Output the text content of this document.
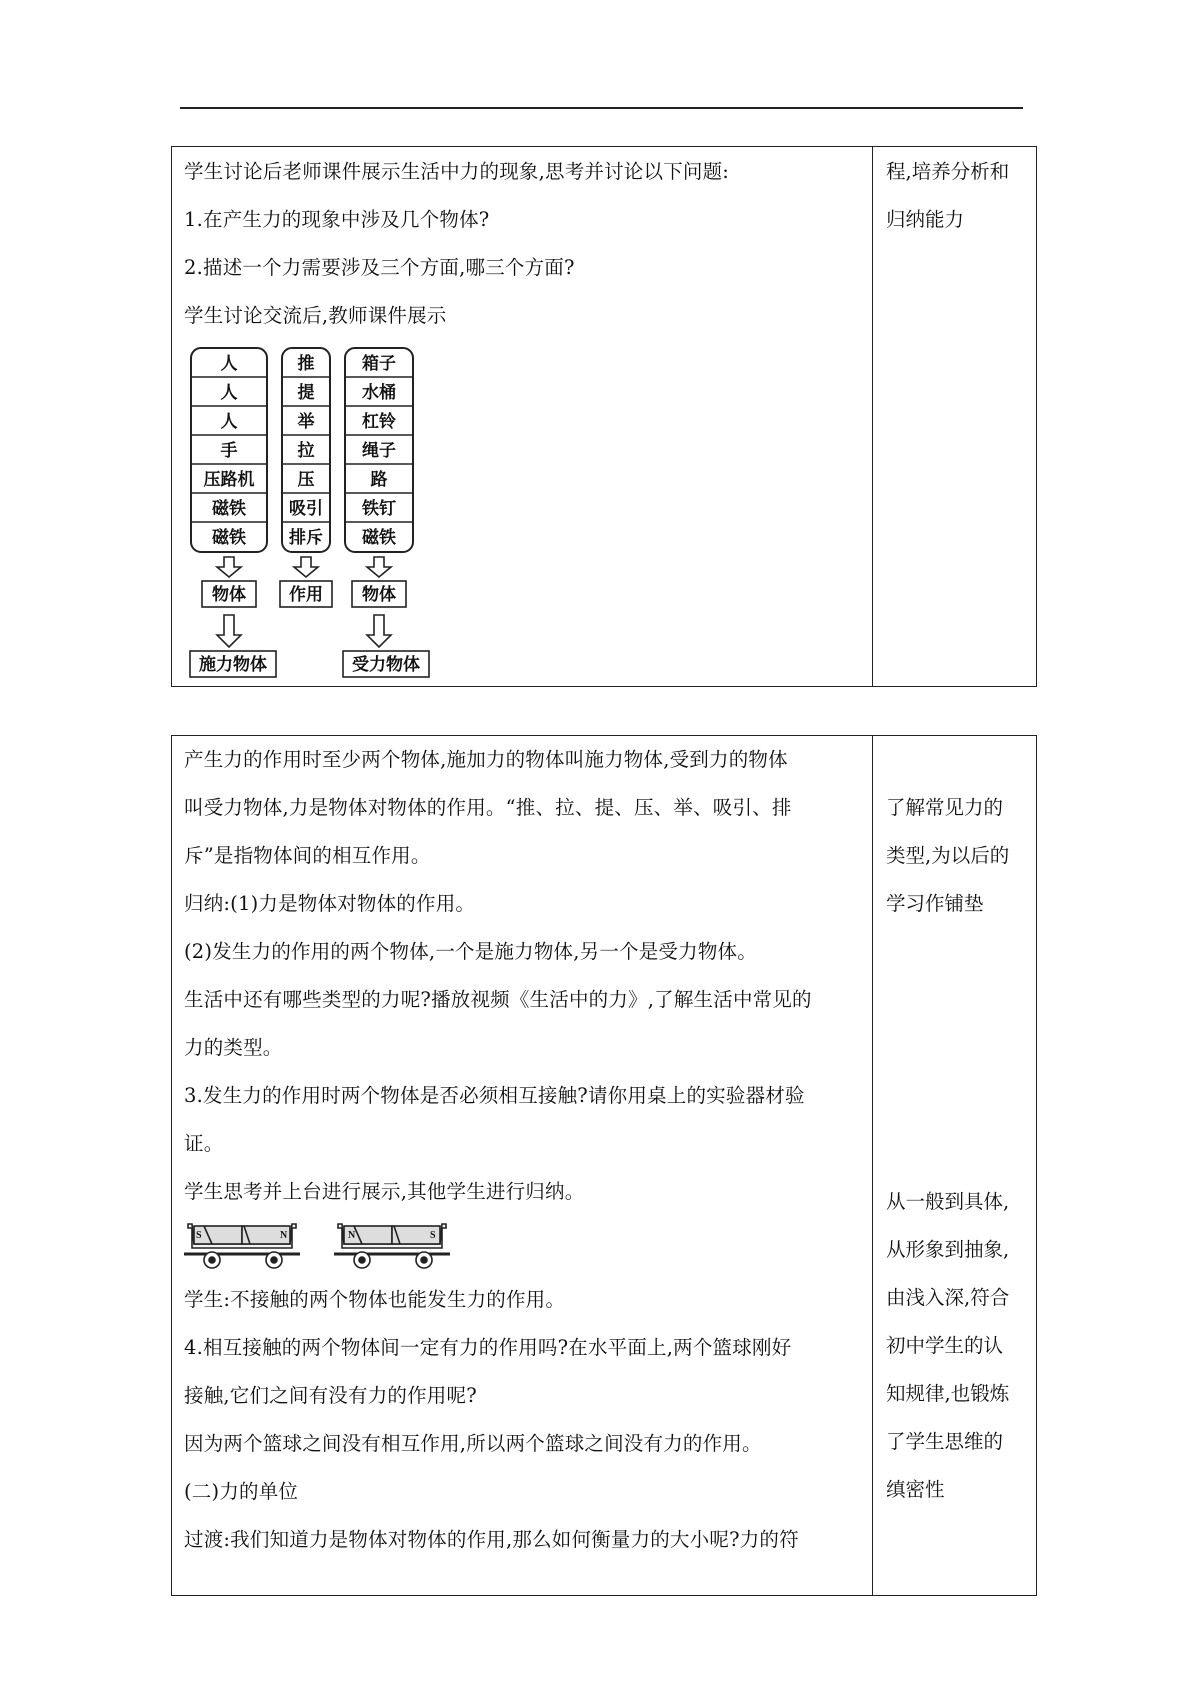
学生讨论后老师课件展示生活中力的现象,思考并讨论以下问题:
1.在产生力的现象中涉及几个物体?
2.描述一个力需要涉及三个方面,哪三个方面?
学生讨论交流后,教师课件展示
程,培养分析和
归纳能力
人
人
人
手
压路机
磁铁
磁铁
推
提
举
拉
压
吸引
排斥
箱子
水桶
杠铃
绳子
路
铁钉
磁铁
物体	作用 物体
施力物体	受力物体
产生力的作用时至少两个物体,施加力的物体叫施力物体,受到力的物体
叫受力物体,力是物体对物体的作用。“推、拉、提、压、举、吸引、排
斥”是指物体间的相互作用。
归纳:(1)力是物体对物体的作用。
(2)发生力的作用的两个物体,一个是施力物体,另一个是受力物体。
生活中还有哪些类型的力呢?播放视频《生活中的力》,了解生活中常见的
力的类型。
3.发生力的作用时两个物体是否必须相互接触?请你用桌上的实验器材验
证。
学生思考并上台进行展示,其他学生进行归纳。
了解常见力的
类型,为以后的
学习作铺垫
S	N	N	S
学生:不接触的两个物体也能发生力的作用。
4.相互接触的两个物体间一定有力的作用吗?在水平面上,两个篮球刚好
接触,它们之间有没有力的作用呢?
因为两个篮球之间没有相互作用,所以两个篮球之间没有力的作用。
(二)力的单位
过渡:我们知道力是物体对物体的作用,那么如何衡量力的大小呢?力的符
从一般到具体,
从形象到抽象,
由浅入深,符合
初中学生的认
知规律,也锻炼
了学生思维的
缜密性
